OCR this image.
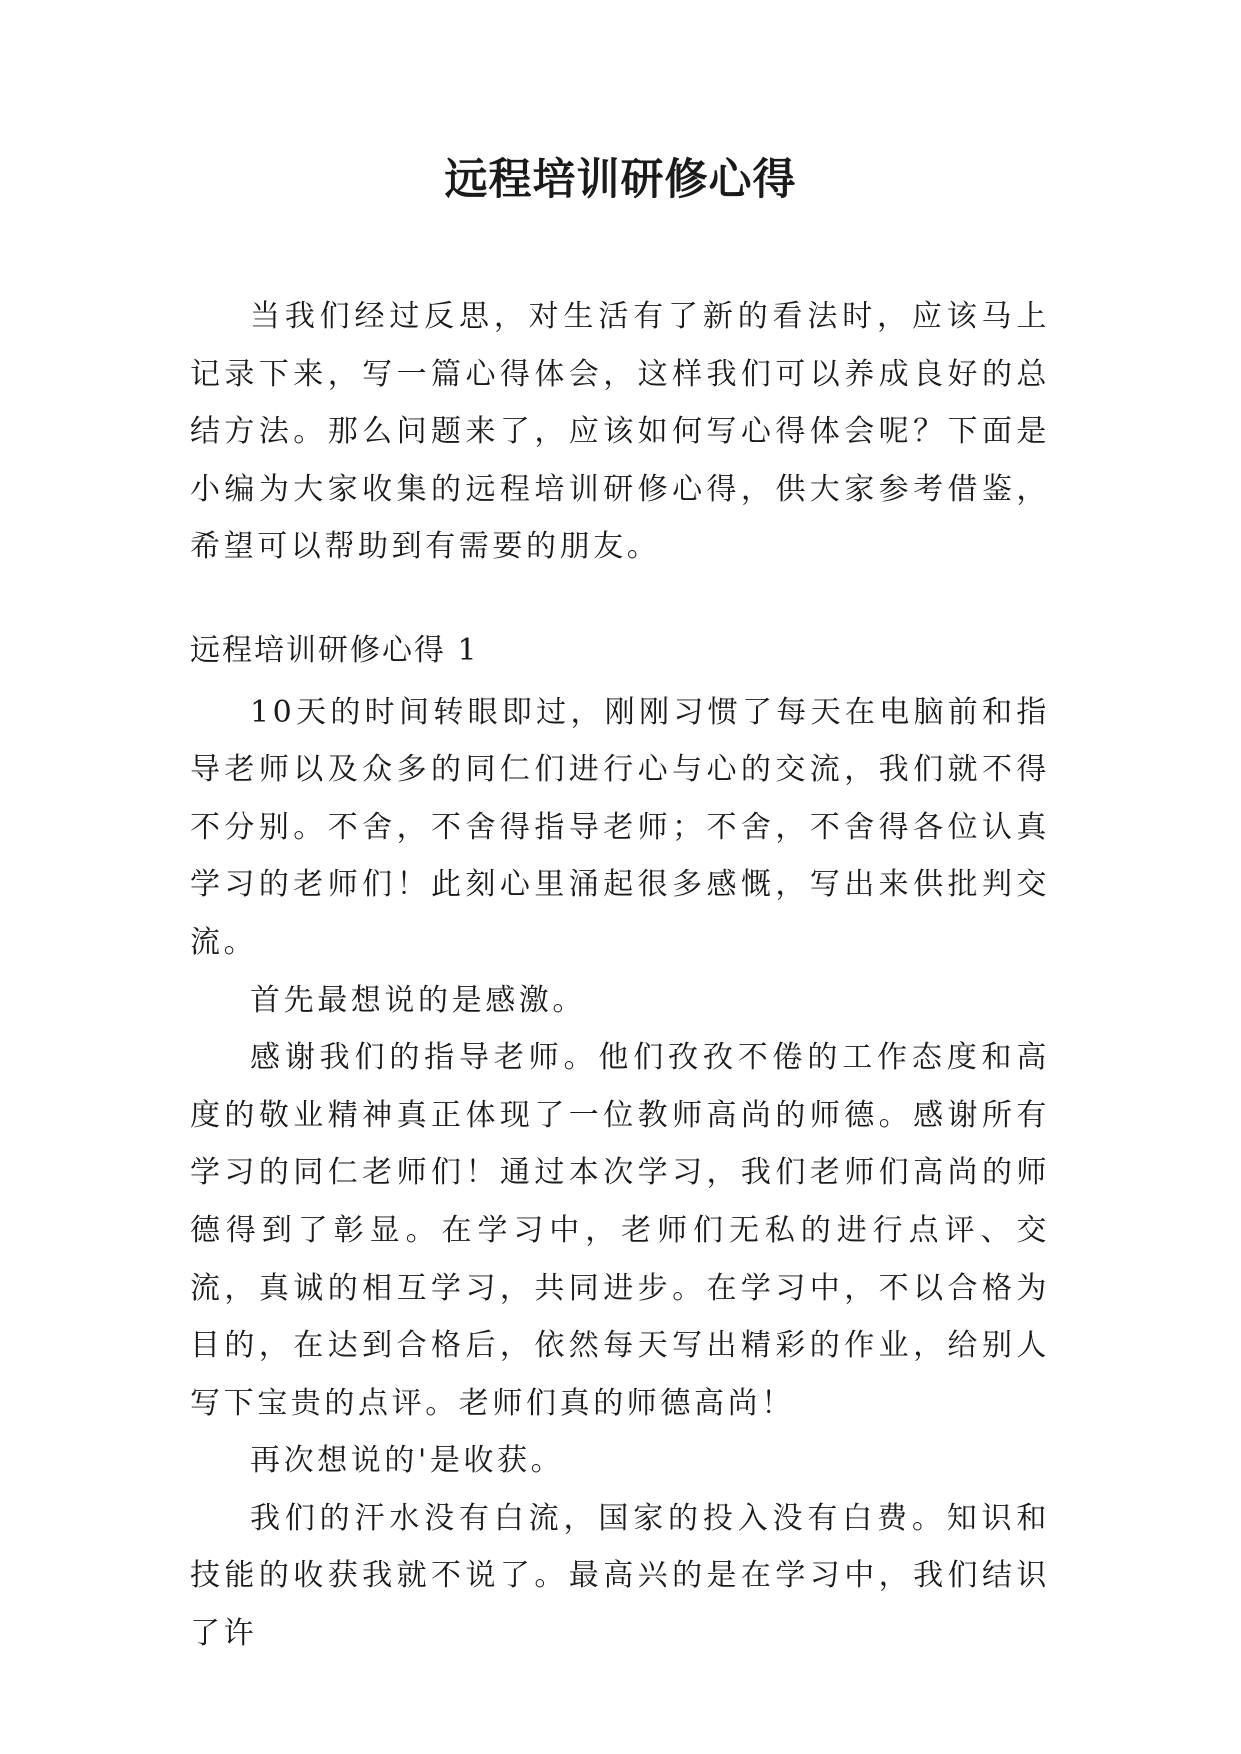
远程培训研修心得

当我们经过反思，对生活有了新的看法时，应该马上记录下来，写一篇心得体会，这样我们可以养成良好的总结方法。那么问题来了，应该如何写心得体会呢？下面是小编为大家收集的远程培训研修心得，供大家参考借鉴，希望可以帮助到有需要的朋友。

远程培训研修心得 1

10天的时间转眼即过，刚刚习惯了每天在电脑前和指导老师以及众多的同仁们进行心与心的交流，我们就不得不分别。不舍，不舍得指导老师；不舍，不舍得各位认真学习的老师们！此刻心里涌起很多感慨，写出来供批判交流。

首先最想说的是感激。

感谢我们的指导老师。他们孜孜不倦的工作态度和高度的敬业精神真正体现了一位教师高尚的师德。感谢所有学习的同仁老师们！通过本次学习，我们老师们高尚的师德得到了彰显。在学习中，老师们无私的进行点评、交流，真诚的相互学习，共同进步。在学习中，不以合格为目的，在达到合格后，依然每天写出精彩的作业，给别人写下宝贵的点评。老师们真的师德高尚！

再次想说的'是收获。

我们的汗水没有白流，国家的投入没有白费。知识和技能的收获我就不说了。最高兴的是在学习中，我们结识了许
